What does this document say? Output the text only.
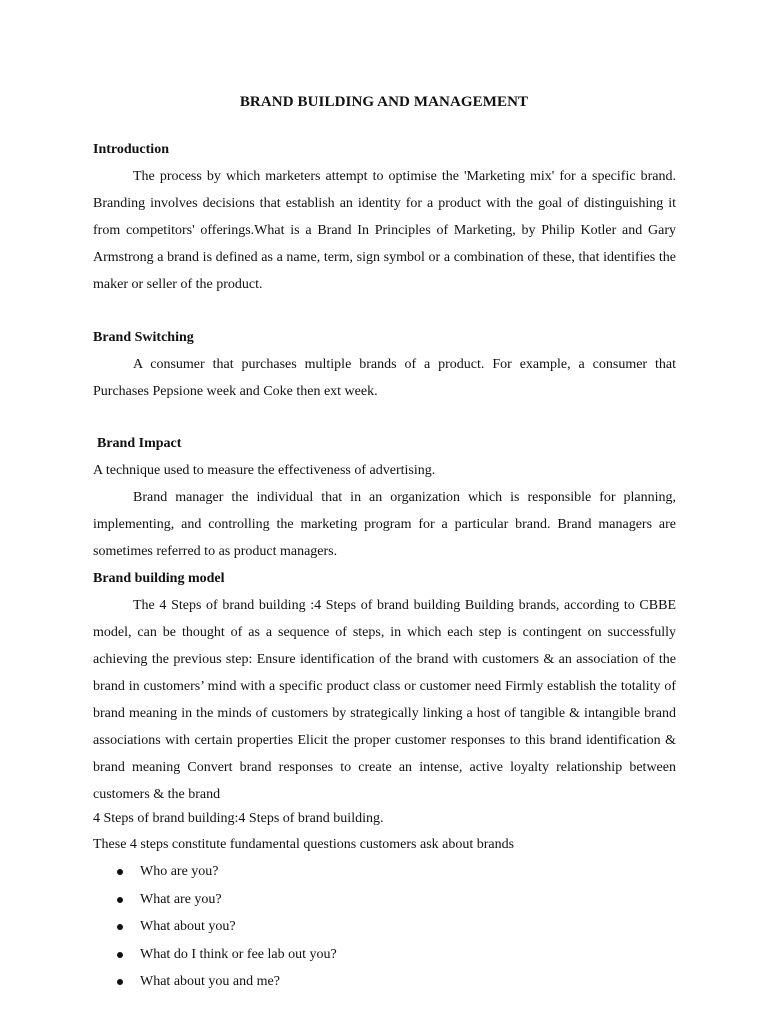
BRAND BUILDING AND MANAGEMENT
Introduction
The process by which marketers attempt to optimise the 'Marketing mix' for a specific brand. Branding involves decisions that establish an identity for a product with the goal of distinguishing it from competitors' offerings.What is a Brand In Principles of Marketing, by Philip Kotler and Gary Armstrong a brand is defined as a name, term, sign symbol or a combination of these, that identifies the maker or seller of the product.
Brand Switching
A consumer that purchases multiple brands of a product. For example, a consumer that Purchases Pepsione week and Coke then ext week.
Brand Impact
A technique used to measure the effectiveness of advertising.
Brand manager the individual that in an organization which is responsible for planning, implementing, and controlling the marketing program for a particular brand. Brand managers are sometimes referred to as product managers.
Brand building model
The 4 Steps of brand building :4 Steps of brand building Building brands, according to CBBE model, can be thought of as a sequence of steps, in which each step is contingent on successfully achieving the previous step: Ensure identification of the brand with customers & an association of the brand in customers’ mind with a specific product class or customer need Firmly establish the totality of brand meaning in the minds of customers by strategically linking a host of tangible & intangible brand associations with certain properties Elicit the proper customer responses to this brand identification & brand meaning Convert brand responses to create an intense, active loyalty relationship between customers & the brand
4 Steps of brand building:4 Steps of brand building.
These 4 steps constitute fundamental questions customers ask about brands
Who are you?
What are you?
What about you?
What do I think or fee lab out you?
What about you and me?
